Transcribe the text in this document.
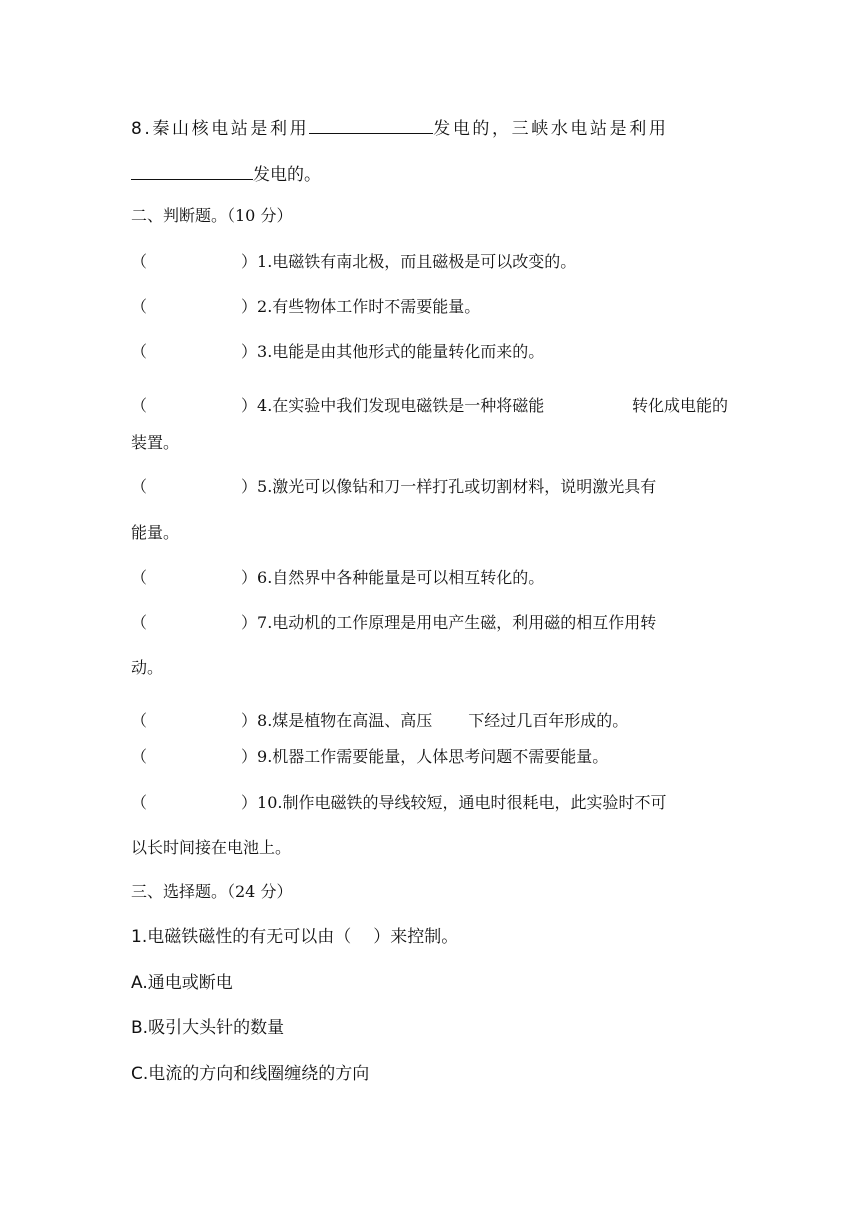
8.秦山核电站是利用	发电的，三峡水电站是利用
发电的。
二、判断题。（10 分）
（	）1.电磁铁有南北极，而且磁极是可以改变的。
（	）2.有些物体工作时不需要能量。
（	）3.电能是由其他形式的能量转化而来的。
（	）4.在实验中我们发现电磁铁是一种将磁能	转化成电能的
装置。
（	）5.激光可以像钻和刀一样打孔或切割材料，说明激光具有
能量。
（	）6.自然界中各种能量是可以相互转化的。
（	）7.电动机的工作原理是用电产生磁，利用磁的相互作用转
动。
（	）8.煤是植物在高温、高压 下经过几百年形成的。
（	）9.机器工作需要能量，人体思考问题不需要能量。
（	）10.制作电磁铁的导线较短，通电时很耗电，此实验时不可
以长时间接在电池上。
三、选择题。（24 分）
1.电磁铁磁性的有无可以由（ ）来控制。
A.通电或断电
B.吸引大头针的数量
C.电流的方向和线圈缠绕的方向
